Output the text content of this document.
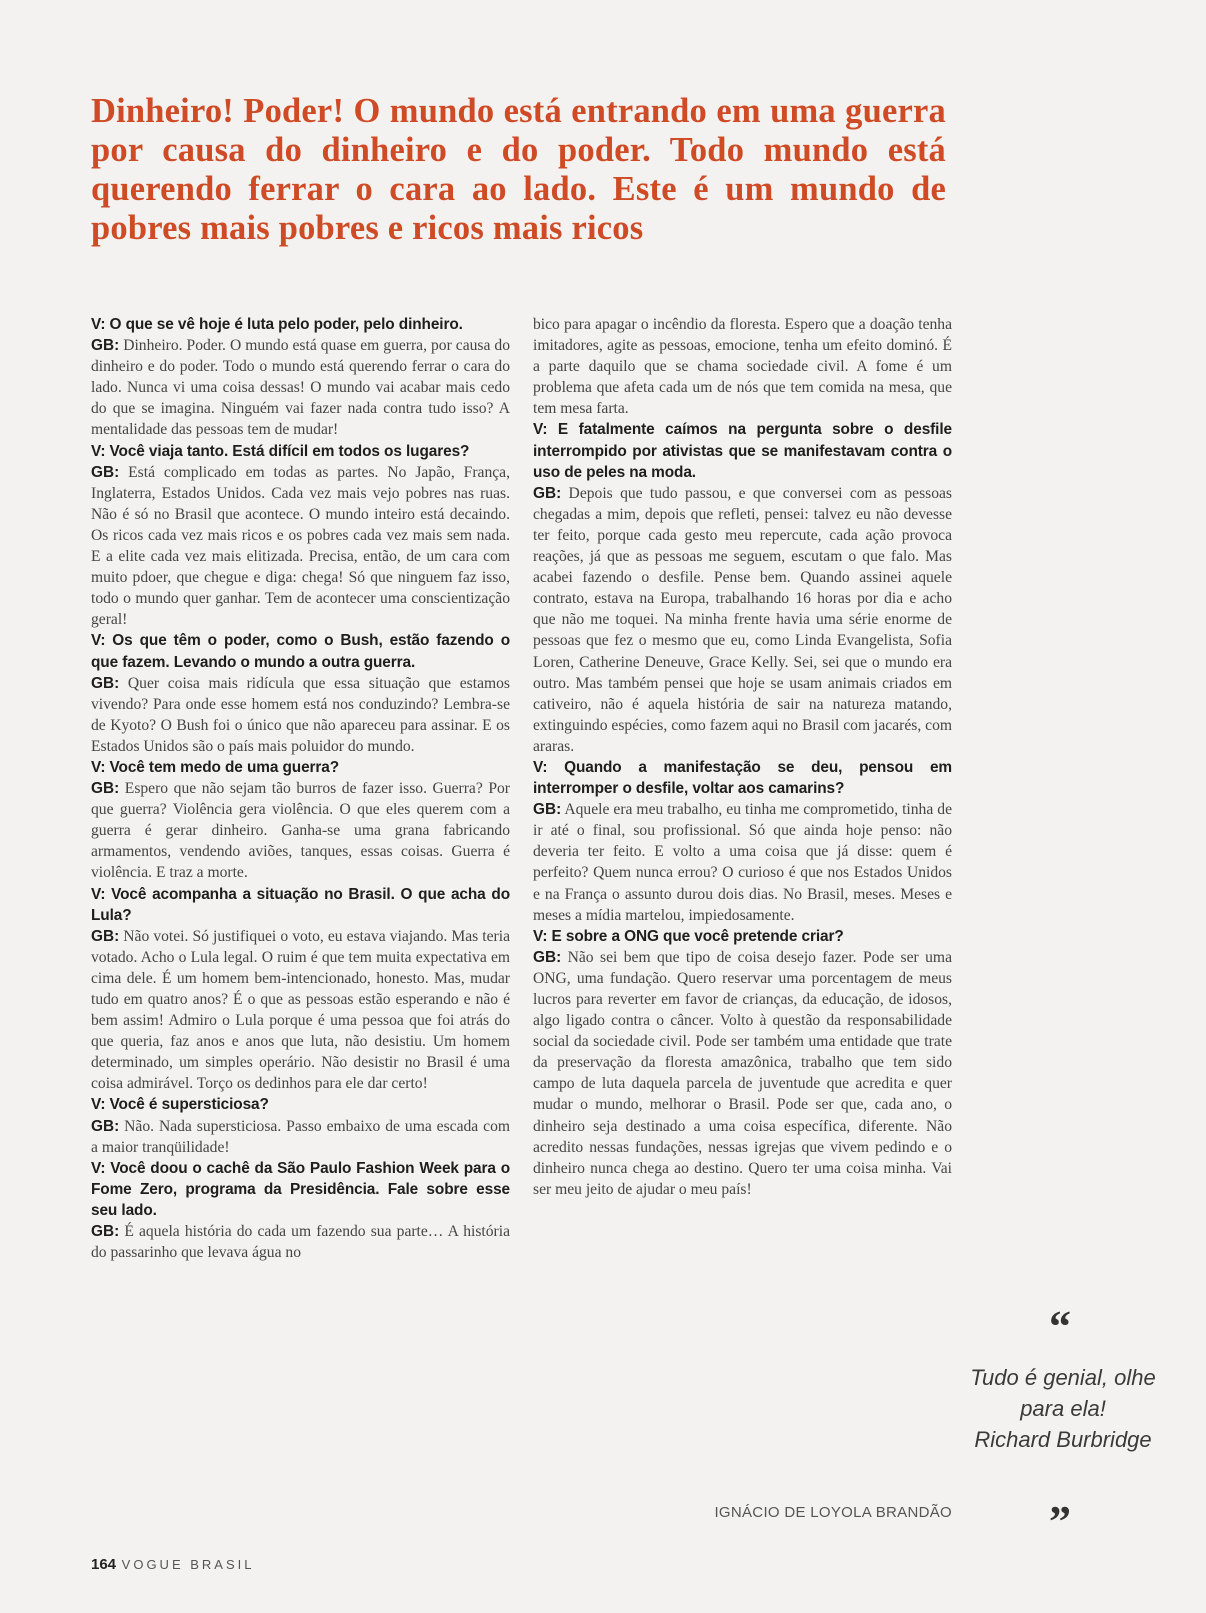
Dinheiro! Poder! O mundo está entrando em uma guerra por causa do dinheiro e do poder. Todo mundo está querendo ferrar o cara ao lado. Este é um mundo de pobres mais pobres e ricos mais ricos

V: O que se vê hoje é luta pelo poder, pelo dinheiro.

GB: Dinheiro. Poder. O mundo está quase em guerra, por causa do dinheiro e do poder. Todo o mundo está querendo ferrar o cara do lado. Nunca vi uma coisa dessas! O mundo vai acabar mais cedo do que se imagina. Ninguém vai fazer nada contra tudo isso? A mentalidade das pessoas tem de mudar!

V: Você viaja tanto. Está difícil em todos os lugares?

GB: Está complicado em todas as partes. No Japão, França, Inglaterra, Estados Unidos. Cada vez mais vejo pobres nas ruas. Não é só no Brasil que acontece. O mundo inteiro está decaindo. Os ricos cada vez mais ricos e os pobres cada vez mais sem nada. E a elite cada vez mais elitizada. Precisa, então, de um cara com muito pdoer, que chegue e diga: chega! Só que ninguem faz isso, todo o mundo quer ganhar. Tem de acontecer uma conscientização geral!

V: Os que têm o poder, como o Bush, estão fazendo o que fazem. Levando o mundo a outra guerra.

GB: Quer coisa mais ridícula que essa situação que estamos vivendo? Para onde esse homem está nos conduzindo? Lembra-se de Kyoto? O Bush foi o único que não apareceu para assinar. E os Estados Unidos são o país mais poluidor do mundo.

V: Você tem medo de uma guerra?

GB: Espero que não sejam tão burros de fazer isso. Guerra? Por que guerra? Violência gera violência. O que eles querem com a guerra é gerar dinheiro. Ganha-se uma grana fabricando armamentos, vendendo aviões, tanques, essas coisas. Guerra é violência. E traz a morte.

V: Você acompanha a situação no Brasil. O que acha do Lula?

GB: Não votei. Só justifiquei o voto, eu estava viajando. Mas teria votado. Acho o Lula legal. O ruim é que tem muita expectativa em cima dele. É um homem bem-intencionado, honesto. Mas, mudar tudo em quatro anos? É o que as pessoas estão esperando e não é bem assim! Admiro o Lula porque é uma pessoa que foi atrás do que queria, faz anos e anos que luta, não desistiu. Um homem determinado, um simples operário. Não desistir no Brasil é uma coisa admirável. Torço os dedinhos para ele dar certo!

V: Você é supersticiosa?

GB: Não. Nada supersticiosa. Passo embaixo de uma escada com a maior tranqüilidade!

V: Você doou o cachê da São Paulo Fashion Week para o Fome Zero, programa da Presidência. Fale sobre esse seu lado.

GB: É aquela história do cada um fazendo sua parte… A história do passarinho que levava água no

bico para apagar o incêndio da floresta. Espero que a doação tenha imitadores, agite as pessoas, emocione, tenha um efeito dominó. É a parte daquilo que se chama sociedade civil. A fome é um problema que afeta cada um de nós que tem comida na mesa, que tem mesa farta.

V: E fatalmente caímos na pergunta sobre o desfile interrompido por ativistas que se manifestavam contra o uso de peles na moda.

GB: Depois que tudo passou, e que conversei com as pessoas chegadas a mim, depois que refleti, pensei: talvez eu não devesse ter feito, porque cada gesto meu repercute, cada ação provoca reações, já que as pessoas me seguem, escutam o que falo. Mas acabei fazendo o desfile. Pense bem. Quando assinei aquele contrato, estava na Europa, trabalhando 16 horas por dia e acho que não me toquei. Na minha frente havia uma série enorme de pessoas que fez o mesmo que eu, como Linda Evangelista, Sofia Loren, Catherine Deneuve, Grace Kelly. Sei, sei que o mundo era outro. Mas também pensei que hoje se usam animais criados em cativeiro, não é aquela história de sair na natureza matando, extinguindo espécies, como fazem aqui no Brasil com jacarés, com araras.

V: Quando a manifestação se deu, pensou em interromper o desfile, voltar aos camarins?

GB: Aquele era meu trabalho, eu tinha me comprometido, tinha de ir até o final, sou profissional. Só que ainda hoje penso: não deveria ter feito. E volto a uma coisa que já disse: quem é perfeito? Quem nunca errou? O curioso é que nos Estados Unidos e na França o assunto durou dois dias. No Brasil, meses. Meses e meses a mídia martelou, impiedosamente.

V: E sobre a ONG que você pretende criar?

GB: Não sei bem que tipo de coisa desejo fazer. Pode ser uma ONG, uma fundação. Quero reservar uma porcentagem de meus lucros para reverter em favor de crianças, da educação, de idosos, algo ligado contra o câncer. Volto à questão da responsabilidade social da sociedade civil. Pode ser também uma entidade que trate da preservação da floresta amazônica, trabalho que tem sido campo de luta daquela parcela de juventude que acredita e quer mudar o mundo, melhorar o Brasil. Pode ser que, cada ano, o dinheiro seja destinado a uma coisa específica, diferente. Não acredito nessas fundações, nessas igrejas que vivem pedindo e o dinheiro nunca chega ao destino. Quero ter uma coisa minha. Vai ser meu jeito de ajudar o meu país!

IGNÁCIO DE LOYOLA BRANDÃO
“
Tudo é genial, olhe para ela!
Richard Burbridge
”
164 VOGUE BRASIL
